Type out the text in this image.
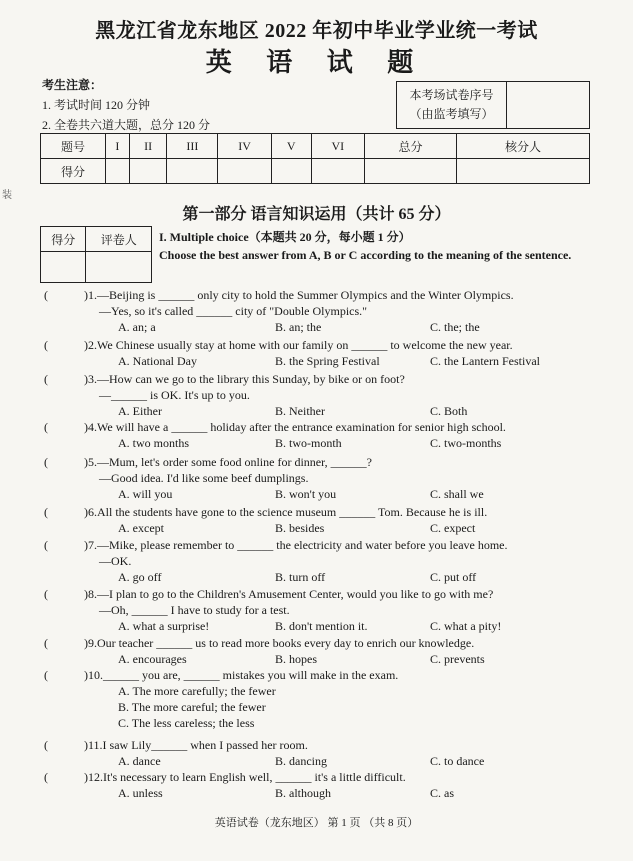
黑龙江省龙东地区 2022 年初中毕业学业统一考试
英 语 试 题
考生注意：
1. 考试时间 120 分钟
2. 全卷共六道大题，总分 120 分
本考场试卷序号
（由监考填写）
题号	I	II	III	IV	V	VI	总分	核分人
得分								
第一部分 语言知识运用（共计 65 分）
得分	评卷人
	I. Multiple choice（本题共 20 分，每小题 1 分）
Choose the best answer from A, B or C according to the meaning of the sentence.
装
(	)1.—Beijing is ______ only city to hold the Summer Olympics and the Winter Olympics.
—Yes, so it's called ______ city of "Double Olympics."
A. an; a	B. an; the	C. the; the
(	)2.We Chinese usually stay at home with our family on ______ to welcome the new year.
A. National Day	B. the Spring Festival	C. the Lantern Festival
(	)3.—How can we go to the library this Sunday, by bike or on foot?
—______ is OK. It's up to you.
A. Either	B. Neither	C. Both
(	)4.We will have a ______ holiday after the entrance examination for senior high school.
A. two months	B. two-month	C. two-months
(	)5.—Mum, let's order some food online for dinner, ______?
—Good idea. I'd like some beef dumplings.
A. will you	B. won't you	C. shall we
(	)6.All the students have gone to the science museum ______ Tom. Because he is ill.
A. except	B. besides	C. expect
(	)7.—Mike, please remember to ______ the electricity and water before you leave home.
—OK.
A. go off	B. turn off	C. put off
(	)8.—I plan to go to the Children's Amusement Center, would you like to go with me?
—Oh, ______ I have to study for a test.
A. what a surprise!	B. don't mention it.	C. what a pity!
(	)9.Our teacher ______ us to read more books every day to enrich our knowledge.
A. encourages	B. hopes	C. prevents
(	)10.______ you are, ______ mistakes you will make in the exam.
A. The more carefully; the fewer
B. The more careful; the fewer
C. The less careless; the less
(	)11.I saw Lily______ when I passed her room.
A. dance	B. dancing	C. to dance
(	)12.It's necessary to learn English well, ______ it's a little difficult.
A. unless	B. although	C. as
英语试卷（龙东地区） 第 1 页 （共 8 页）
